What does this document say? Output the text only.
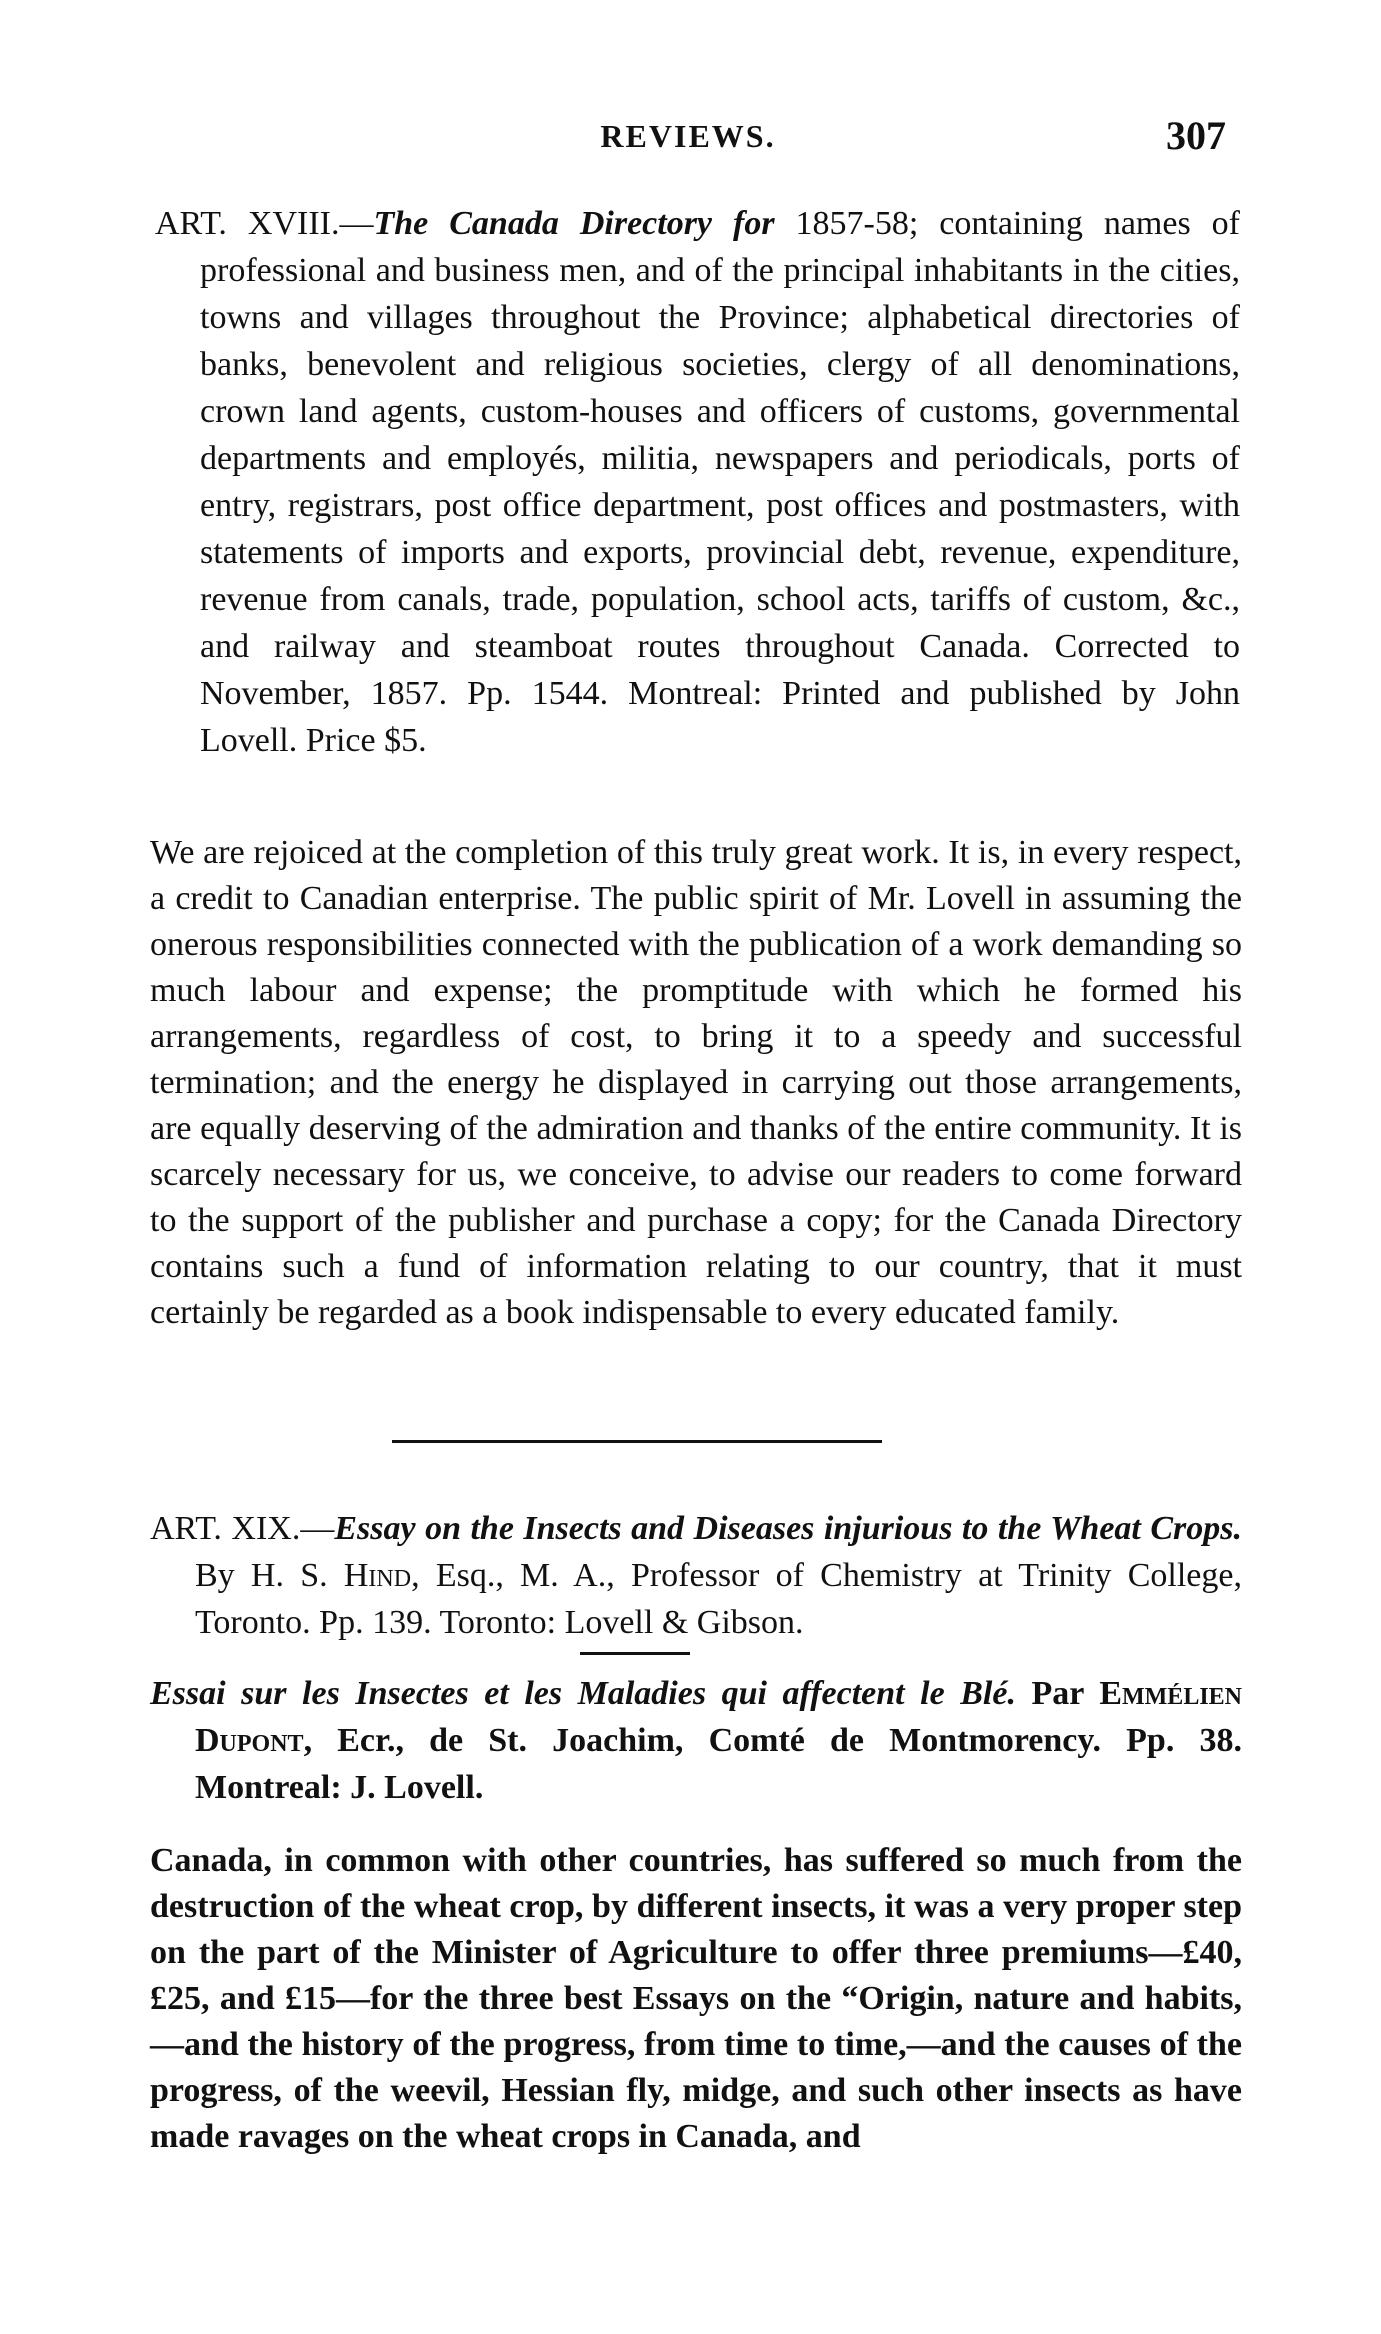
REVIEWS.	307
ART. XVIII.—The Canada Directory for 1857-58; containing names of professional and business men, and of the principal inhabitants in the cities, towns and villages throughout the Province; alphabetical directories of banks, benevolent and religious societies, clergy of all denominations, crown land agents, custom-houses and officers of customs, governmental departments and employés, militia, newspapers and periodicals, ports of entry, registrars, post office department, post offices and postmasters, with statements of imports and exports, provincial debt, revenue, expenditure, revenue from canals, trade, population, school acts, tariffs of custom, &c., and railway and steamboat routes throughout Canada. Corrected to November, 1857. Pp. 1544. Montreal: Printed and published by John Lovell. Price $5.

We are rejoiced at the completion of this truly great work. It is, in every respect, a credit to Canadian enterprise. The public spirit of Mr. Lovell in assuming the onerous responsibilities connected with the publication of a work demanding so much labour and expense; the promptitude with which he formed his arrangements, regardless of cost, to bring it to a speedy and successful termination; and the energy he displayed in carrying out those arrangements, are equally deserving of the admiration and thanks of the entire community. It is scarcely necessary for us, we conceive, to advise our readers to come forward to the support of the publisher and purchase a copy; for the Canada Directory contains such a fund of information relating to our country, that it must certainly be regarded as a book indispensable to every educated family.

ART. XIX.—Essay on the Insects and Diseases injurious to the Wheat Crops. By H. S. Hind, Esq., M. A., Professor of Chemistry at Trinity College, Toronto. Pp. 139. Toronto: Lovell & Gibson.
Essai sur les Insectes et les Maladies qui affectent le Blé. Par Emmélien Dupont, Ecr., de St. Joachim, Comté de Montmorency. Pp. 38. Montreal: J. Lovell.

Canada, in common with other countries, has suffered so much from the destruction of the wheat crop, by different insects, it was a very proper step on the part of the Minister of Agriculture to offer three premiums—£40, £25, and £15—for the three best Essays on the “Origin, nature and habits,—and the history of the progress, from time to time,—and the causes of the progress, of the weevil, Hessian fly, midge, and such other insects as have made ravages on the wheat crops in Canada, and
